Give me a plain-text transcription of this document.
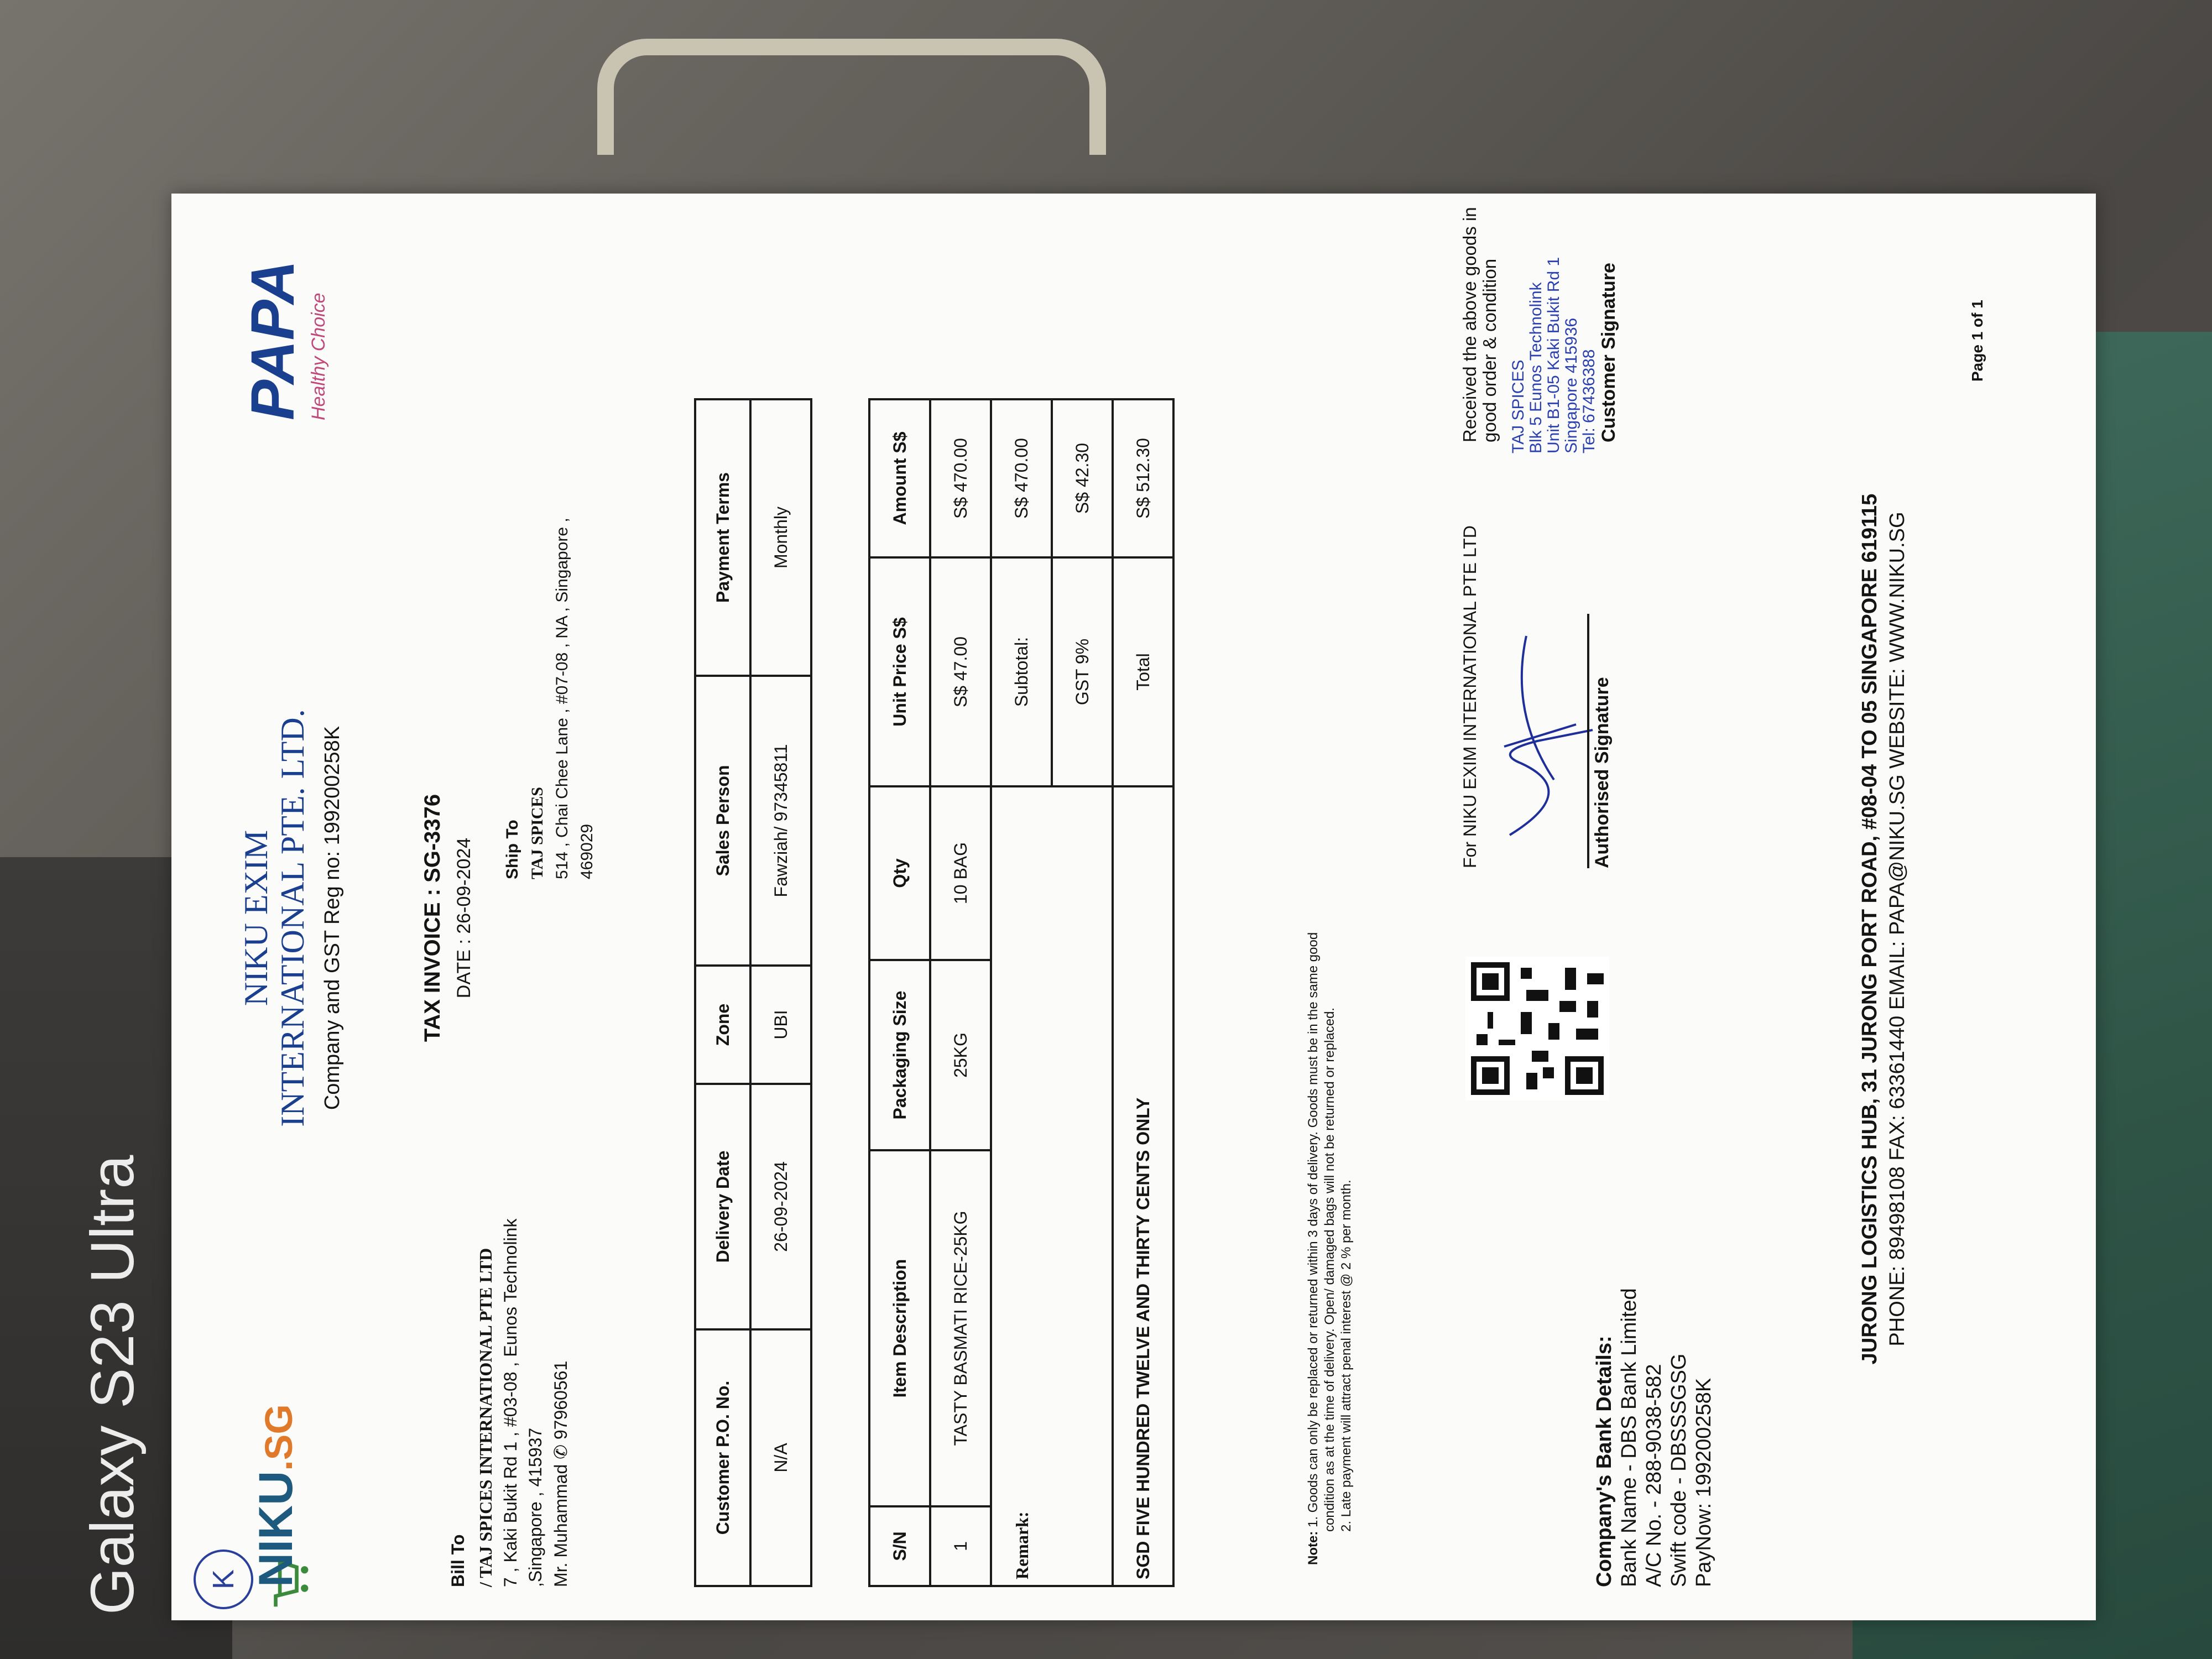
K NIKU.SG
PAPA Healthy Choice
NIKU EXIM INTERNATIONAL PTE. LTD. Company and GST Reg no: 199200258K	TAX INVOICE : SG-3376 DATE : 26-09-2024
Bill To / TAJ SPICES INTERNATIONAL PTE LTD 7 , Kaki Bukit Rd 1 , #03-08 , Eunos Technolink ,Singapore , 415937 Mr. Muhammad ✆ 97960561
Ship To TAJ SPICES 514 , Chai Chee Lane , #07-08 , NA , Singapore , 469029
Customer P.O. No.	Delivery Date	Zone	Sales Person	Payment Terms
N/A	26-09-2024	UBI	Fawziah/ 97345811	Monthly
S/N	Item Description	Packaging Size	Qty	Unit Price S$	Amount S$
1	TASTY BASMATI RICE-25KG	25KG	10 BAG	S$ 47.00	S$ 470.00
Remark:				Subtotal:	S$ 470.00
				GST 9%	S$ 42.30
SGD FIVE HUNDRED TWELVE AND THIRTY CENTS ONLY				Total	S$ 512.30
Note: 1. Goods can only be replaced or returned within 3 days of delivery. Goods must be in the same good condition as at the time of delivery. Open/ damaged bags will not be returned or replaced. 2. Late payment will attract penal interest @ 2 % per month.
For NIKU EXIM INTERNATIONAL PTE LTD	Authorised Signature
Received the above goods in good order & condition TAJ SPICES Blk 5 Eunos Technolink Unit B1-05 Kaki Bukit Rd 1 Singapore 415936 Tel: 67436388 Customer Signature
Company's Bank Details: Bank Name - DBS Bank Limited A/C No. - 288-9038-582 Swift code - DBSSSGSG PayNow: 199200258K
JURONG LOGISTICS HUB, 31 JURONG PORT ROAD, #08-04 TO 05 SINGAPORE 619115 PHONE: 89498108 FAX: 63361440 EMAIL: PAPA@NIKU.SG WEBSITE: WWW.NIKU.SG
Page 1 of 1
Galaxy S23 Ultra
